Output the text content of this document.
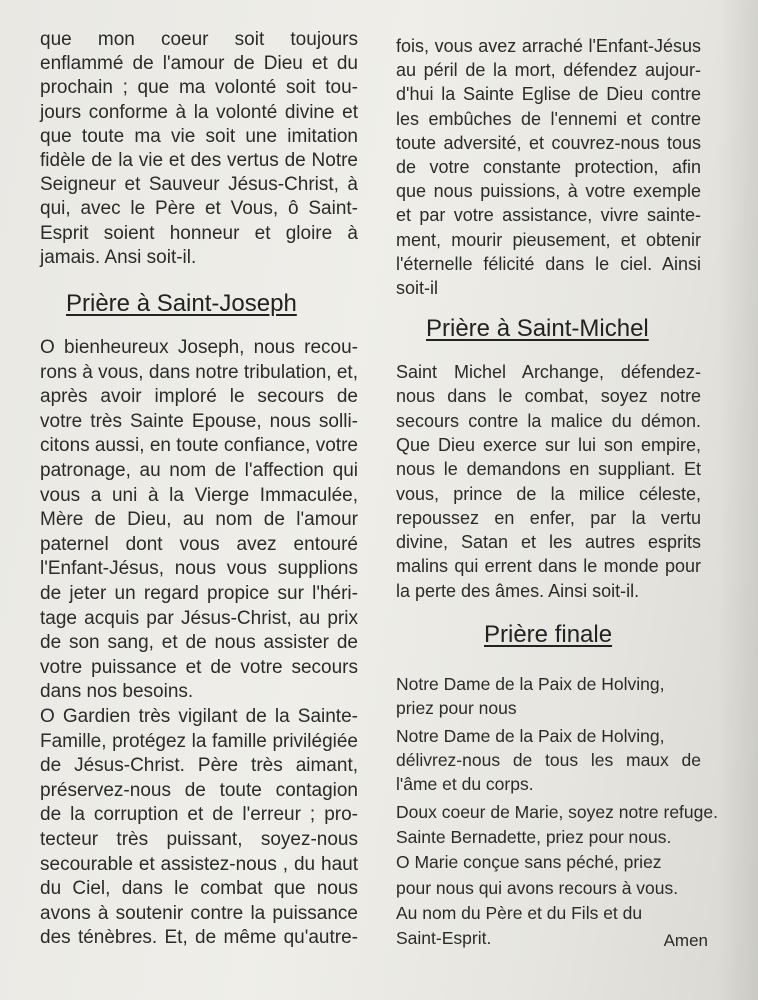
que mon coeur soit toujours
enflammé de l'amour de Dieu et du
prochain ; que ma volonté soit tou-
jours conforme à la volonté divine et
que toute ma vie soit une imitation
fidèle de la vie et des vertus de Notre
Seigneur et Sauveur Jésus-Christ, à
qui, avec le Père et Vous, ô Saint-
Esprit soient honneur et gloire à
jamais. Ansi soit-il.
Prière à Saint-Joseph
O bienheureux Joseph, nous recou-
rons à vous, dans notre tribulation, et,
après avoir imploré le secours de
votre très Sainte Epouse, nous solli-
citons aussi, en toute confiance, votre
patronage, au nom de l'affection qui
vous a uni à la Vierge Immaculée,
Mère de Dieu, au nom de l'amour
paternel dont vous avez entouré
l'Enfant-Jésus, nous vous supplions
de jeter un regard propice sur l'héri-
tage acquis par Jésus-Christ, au prix
de son sang, et de nous assister de
votre puissance et de votre secours
dans nos besoins.
O Gardien très vigilant de la Sainte-
Famille, protégez la famille privilégiée
de Jésus-Christ. Père très aimant,
préservez-nous de toute contagion
de la corruption et de l'erreur ; pro-
tecteur très puissant, soyez-nous
secourable et assistez-nous , du haut
du Ciel, dans le combat que nous
avons à soutenir contre la puissance
des ténèbres. Et, de même qu'autre-
fois, vous avez arraché l'Enfant-Jésus
au péril de la mort, défendez aujour-
d'hui la Sainte Eglise de Dieu contre
les embûches de l'ennemi et contre
toute adversité, et couvrez-nous tous
de votre constante protection, afin
que nous puissions, à votre exemple
et par votre assistance, vivre sainte-
ment, mourir pieusement, et obtenir
l'éternelle félicité dans le ciel. Ainsi
soit-il
Prière à Saint-Michel
Saint Michel Archange, défendez-
nous dans le combat, soyez notre
secours contre la malice du démon.
Que Dieu exerce sur lui son empire,
nous le demandons en suppliant. Et
vous, prince de la milice céleste,
repoussez en enfer, par la vertu
divine, Satan et les autres esprits
malins qui errent dans le monde pour
la perte des âmes. Ainsi soit-il.
Prière finale
Notre Dame de la Paix de Holving,
priez pour nous
Notre Dame de la Paix de Holving,
délivrez-nous de tous les maux de
l'âme et du corps.
Doux coeur de Marie, soyez notre refuge.
Sainte Bernadette, priez pour nous.
O Marie conçue sans péché, priez
pour nous qui avons recours à vous.
Au nom du Père et du Fils et du
Saint-Esprit.	Amen
